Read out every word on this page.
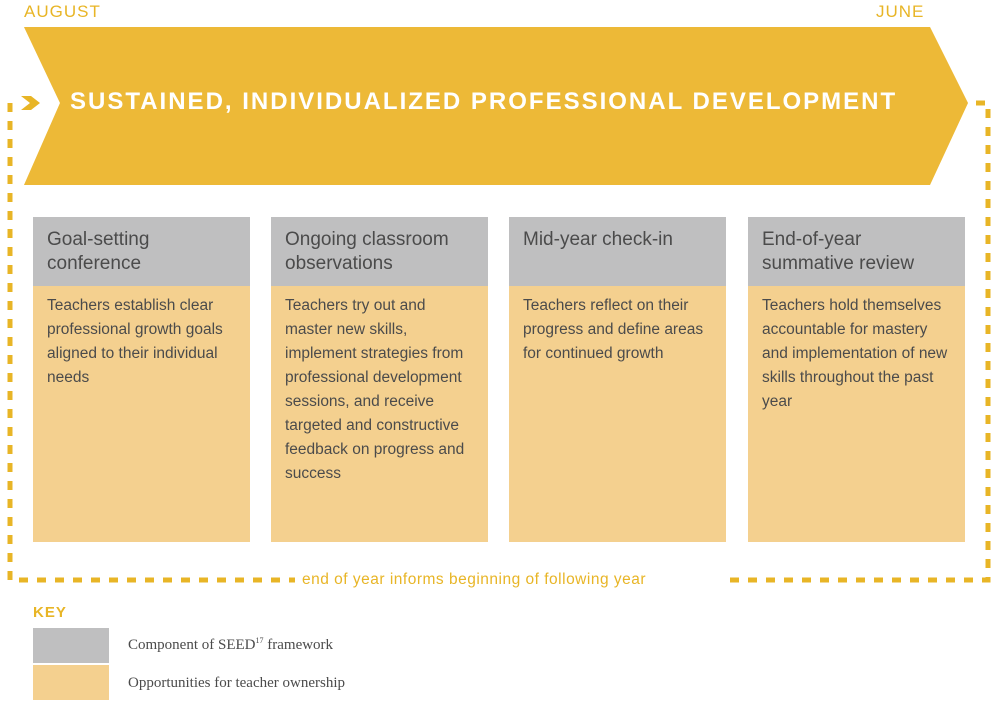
AUGUST	JUNE
SUSTAINED, INDIVIDUALIZED PROFESSIONAL DEVELOPMENT
Goal-setting conference
Teachers establish clear professional growth goals aligned to their individual needs
Ongoing classroom observations
Teachers try out and master new skills, implement strategies from professional development sessions, and receive targeted and constructive feedback on progress and success
Mid-year check-in
Teachers reflect on their progress and define areas for continued growth
End-of-year summative review
Teachers hold themselves accountable for mastery and implementation of new skills throughout the past year
end of year informs beginning of following year
KEY
Component of SEED$^{17}$ framework
Opportunities for teacher ownership
